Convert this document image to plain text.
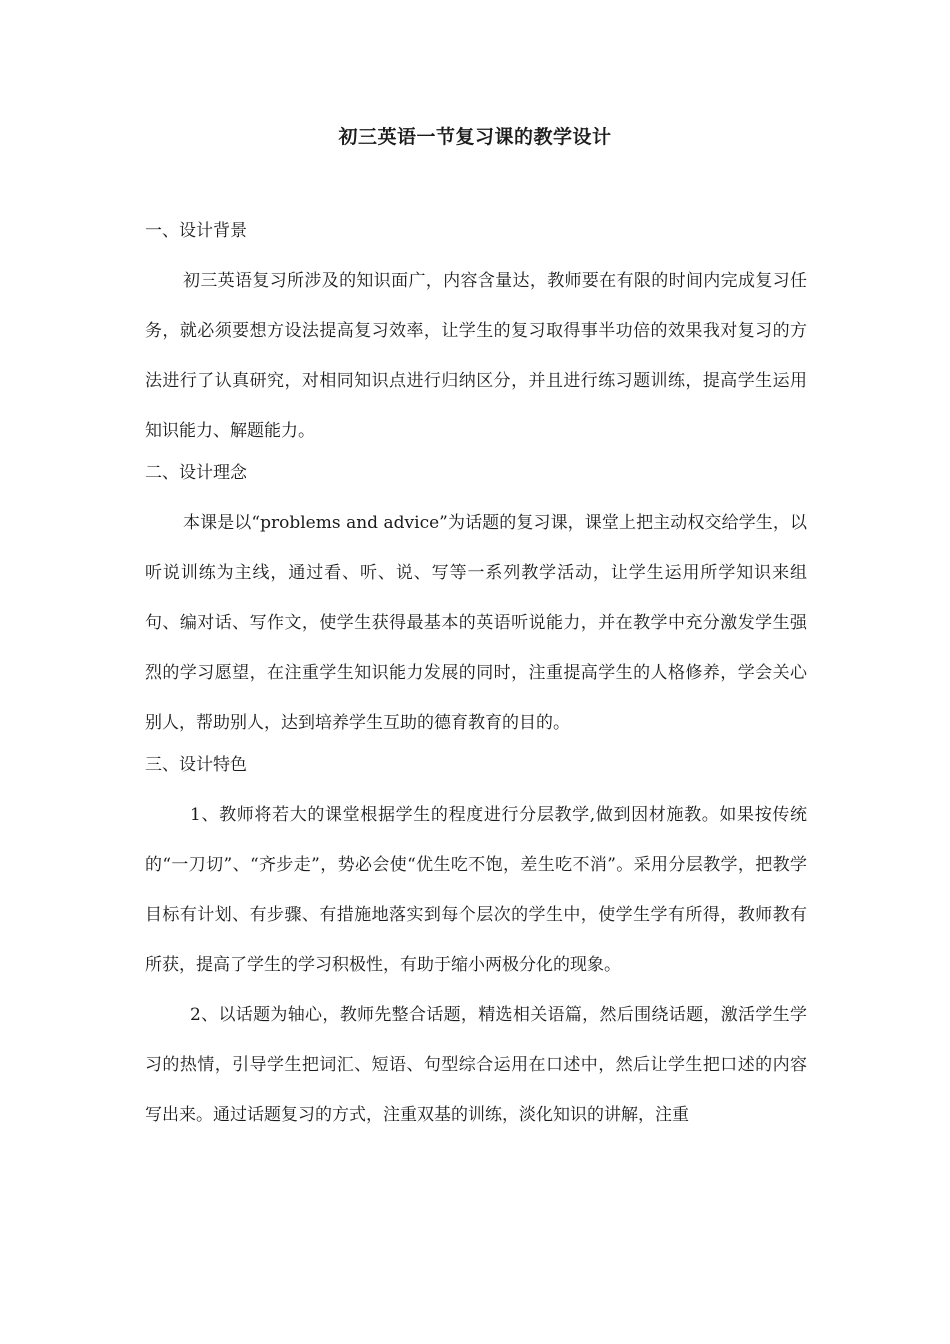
初三英语一节复习课的教学设计
一、设计背景

初三英语复习所涉及的知识面广，内容含量达，教师要在有限的时间内完成复习任务，就必须要想方设法提高复习效率，让学生的复习取得事半功倍的效果我对复习的方法进行了认真研究，对相同知识点进行归纳区分，并且进行练习题训练，提高学生运用知识能力、解题能力。

二、设计理念

本课是以“problems and advice”为话题的复习课，课堂上把主动权交给学生，以听说训练为主线，通过看、听、说、写等一系列教学活动，让学生运用所学知识来组句、编对话、写作文，使学生获得最基本的英语听说能力，并在教学中充分激发学生强烈的学习愿望，在注重学生知识能力发展的同时，注重提高学生的人格修养，学会关心别人，帮助别人，达到培养学生互助的德育教育的目的。

三、设计特色

1、教师将若大的课堂根据学生的程度进行分层教学,做到因材施教。如果按传统的“一刀切”、“齐步走”，势必会使“优生吃不饱，差生吃不消”。采用分层教学，把教学目标有计划、有步骤、有措施地落实到每个层次的学生中，使学生学有所得，教师教有所获，提高了学生的学习积极性，有助于缩小两极分化的现象。

2、以话题为轴心，教师先整合话题，精选相关语篇，然后围绕话题，激活学生学习的热情，引导学生把词汇、短语、句型综合运用在口述中，然后让学生把口述的内容写出来。通过话题复习的方式，注重双基的训练，淡化知识的讲解，注重
